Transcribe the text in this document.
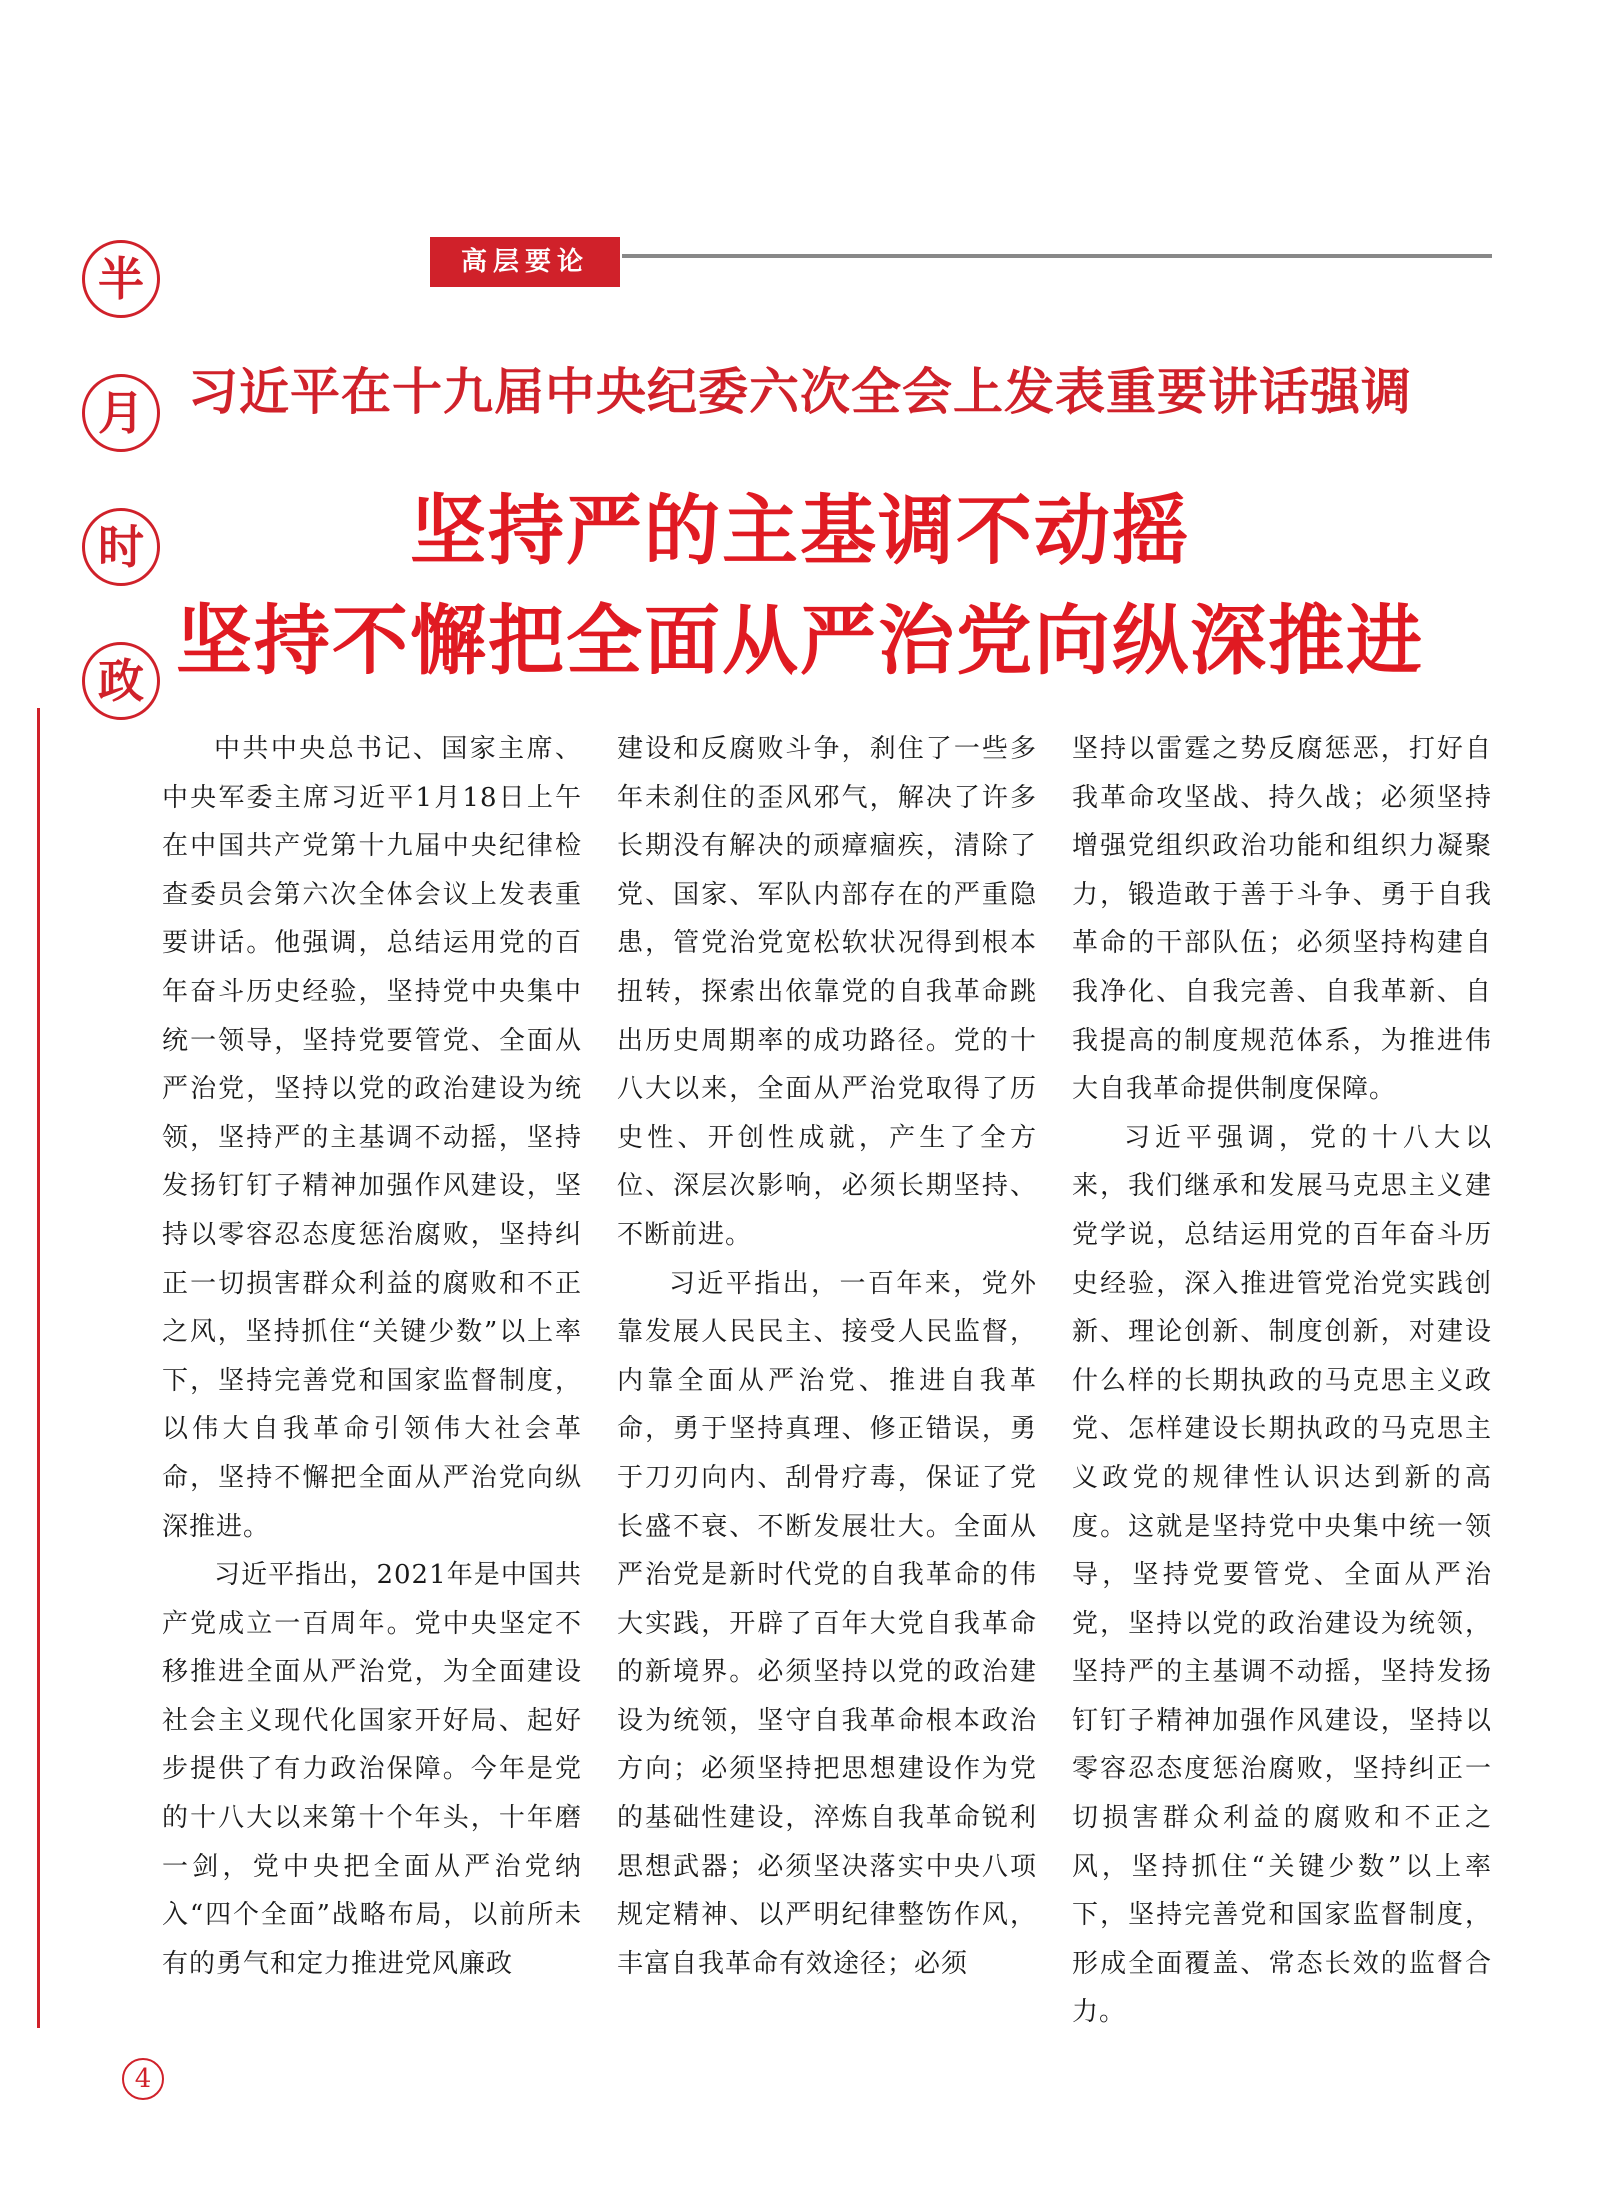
半
月
时
政
高层要论
习近平在十九届中央纪委六次全会上发表重要讲话强调
坚持严的主基调不动摇
坚持不懈把全面从严治党向纵深推进

中共中央总书记、国家主席、中央军委主席习近平1月18日上午在中国共产党第十九届中央纪律检查委员会第六次全体会议上发表重要讲话。他强调，总结运用党的百年奋斗历史经验，坚持党中央集中统一领导，坚持党要管党、全面从严治党，坚持以党的政治建设为统领，坚持严的主基调不动摇，坚持发扬钉钉子精神加强作风建设，坚持以零容忍态度惩治腐败，坚持纠正一切损害群众利益的腐败和不正之风，坚持抓住“关键少数”以上率下，坚持完善党和国家监督制度，以伟大自我革命引领伟大社会革命，坚持不懈把全面从严治党向纵深推进。

习近平指出，2021年是中国共产党成立一百周年。党中央坚定不移推进全面从严治党，为全面建设社会主义现代化国家开好局、起好步提供了有力政治保障。今年是党的十八大以来第十个年头，十年磨一剑，党中央把全面从严治党纳入“四个全面”战略布局，以前所未有的勇气和定力推进党风廉政

建设和反腐败斗争，刹住了一些多年未刹住的歪风邪气，解决了许多长期没有解决的顽瘴痼疾，清除了党、国家、军队内部存在的严重隐患，管党治党宽松软状况得到根本扭转，探索出依靠党的自我革命跳出历史周期率的成功路径。党的十八大以来，全面从严治党取得了历史性、开创性成就，产生了全方位、深层次影响，必须长期坚持、不断前进。

习近平指出，一百年来，党外靠发展人民民主、接受人民监督，内靠全面从严治党、推进自我革命，勇于坚持真理、修正错误，勇于刀刃向内、刮骨疗毒，保证了党长盛不衰、不断发展壮大。全面从严治党是新时代党的自我革命的伟大实践，开辟了百年大党自我革命的新境界。必须坚持以党的政治建设为统领，坚守自我革命根本政治方向；必须坚持把思想建设作为党的基础性建设，淬炼自我革命锐利思想武器；必须坚决落实中央八项规定精神、以严明纪律整饬作风，丰富自我革命有效途径；必须

坚持以雷霆之势反腐惩恶，打好自我革命攻坚战、持久战；必须坚持增强党组织政治功能和组织力凝聚力，锻造敢于善于斗争、勇于自我革命的干部队伍；必须坚持构建自我净化、自我完善、自我革新、自我提高的制度规范体系，为推进伟大自我革命提供制度保障。

习近平强调，党的十八大以来，我们继承和发展马克思主义建党学说，总结运用党的百年奋斗历史经验，深入推进管党治党实践创新、理论创新、制度创新，对建设什么样的长期执政的马克思主义政党、怎样建设长期执政的马克思主义政党的规律性认识达到新的高度。这就是坚持党中央集中统一领导，坚持党要管党、全面从严治党，坚持以党的政治建设为统领，坚持严的主基调不动摇，坚持发扬钉钉子精神加强作风建设，坚持以零容忍态度惩治腐败，坚持纠正一切损害群众利益的腐败和不正之风，坚持抓住“关键少数”以上率下，坚持完善党和国家监督制度，形成全面覆盖、常态长效的监督合力。

4
